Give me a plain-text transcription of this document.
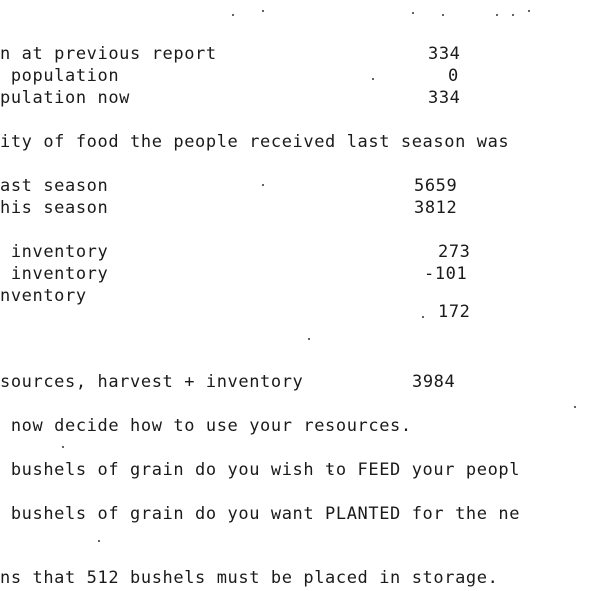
n at previous report	334
population	0
pulation now	334
ity of food the people received last season was
ast season	5659
his season	3812
inventory	273
inventory	-101
nventory
172
sources, harvest + inventory	3984
now decide how to use your resources.
bushels of grain do you wish to FEED your peopl
bushels of grain do you want PLANTED for the ne
ns that 512 bushels must be placed in storage.
